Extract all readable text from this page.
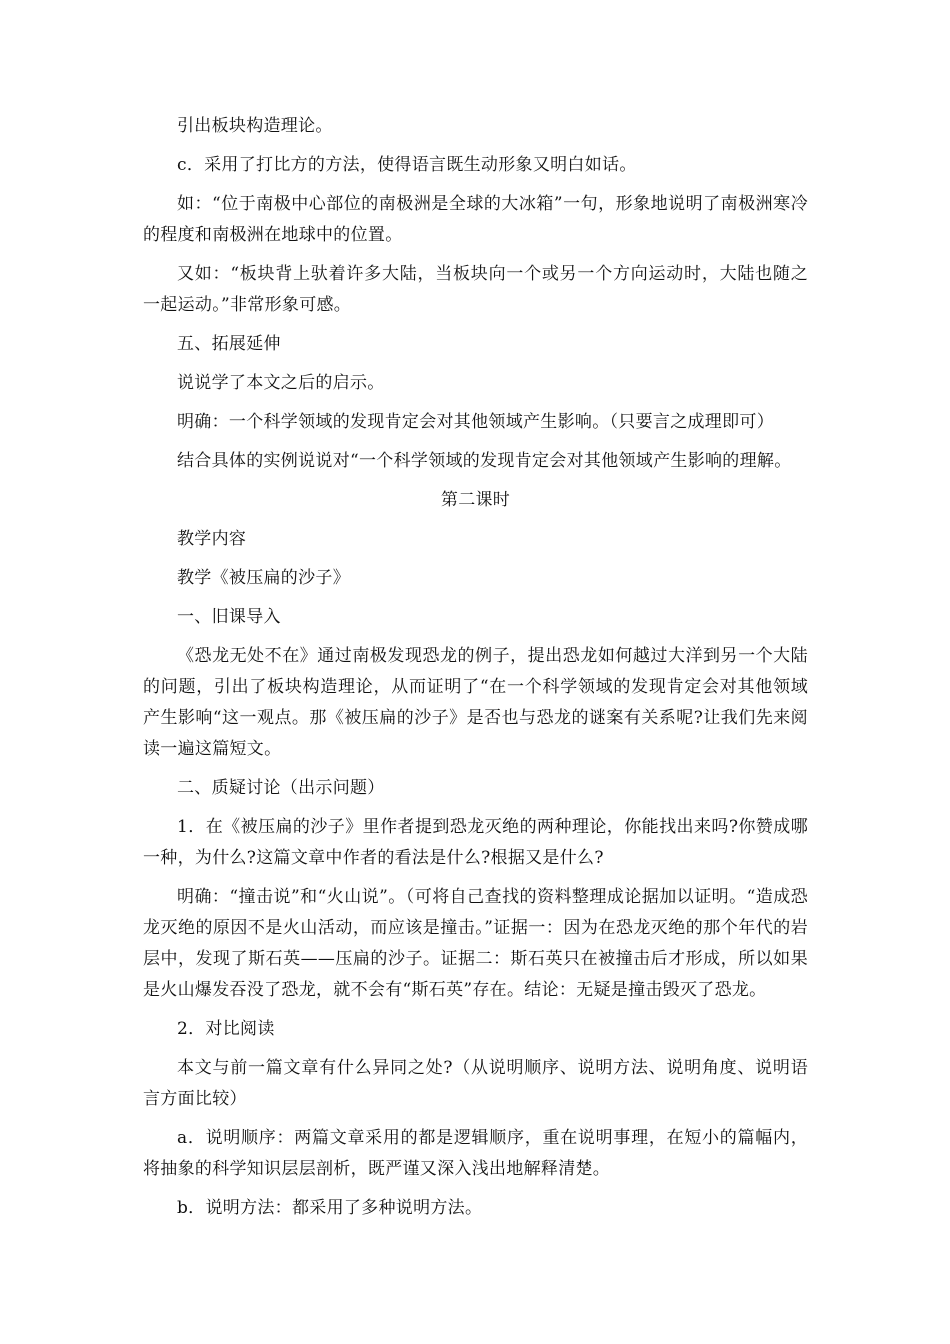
引出板块构造理论。

c．采用了打比方的方法，使得语言既生动形象又明白如话。

如：“位于南极中心部位的南极洲是全球的大冰箱”一句，形象地说明了南极洲寒冷的程度和南极洲在地球中的位置。

又如：“板块背上驮着许多大陆，当板块向一个或另一个方向运动时，大陆也随之一起运动。”非常形象可感。

五、拓展延伸

说说学了本文之后的启示。

明确：一个科学领域的发现肯定会对其他领域产生影响。（只要言之成理即可）

结合具体的实例说说对“一个科学领域的发现肯定会对其他领域产生影响的理解。

第二课时

教学内容

教学《被压扁的沙子》

一、旧课导入

《恐龙无处不在》通过南极发现恐龙的例子，提出恐龙如何越过大洋到另一个大陆的问题，引出了板块构造理论，从而证明了“在一个科学领域的发现肯定会对其他领域产生影响“这一观点。那《被压扁的沙子》是否也与恐龙的谜案有关系呢?让我们先来阅读一遍这篇短文。

二、质疑讨论（出示问题）

1．在《被压扁的沙子》里作者提到恐龙灭绝的两种理论，你能找出来吗?你赞成哪一种，为什么?这篇文章中作者的看法是什么?根据又是什么?

明确：“撞击说”和“火山说”。（可将自己查找的资料整理成论据加以证明。“造成恐龙灭绝的原因不是火山活动，而应该是撞击。”证据一：因为在恐龙灭绝的那个年代的岩层中，发现了斯石英——压扁的沙子。证据二：斯石英只在被撞击后才形成，所以如果是火山爆发吞没了恐龙，就不会有“斯石英”存在。结论：无疑是撞击毁灭了恐龙。

2．对比阅读

本文与前一篇文章有什么异同之处?（从说明顺序、说明方法、说明角度、说明语言方面比较）

a．说明顺序：两篇文章采用的都是逻辑顺序，重在说明事理，在短小的篇幅内，将抽象的科学知识层层剖析，既严谨又深入浅出地解释清楚。

b．说明方法：都采用了多种说明方法。
